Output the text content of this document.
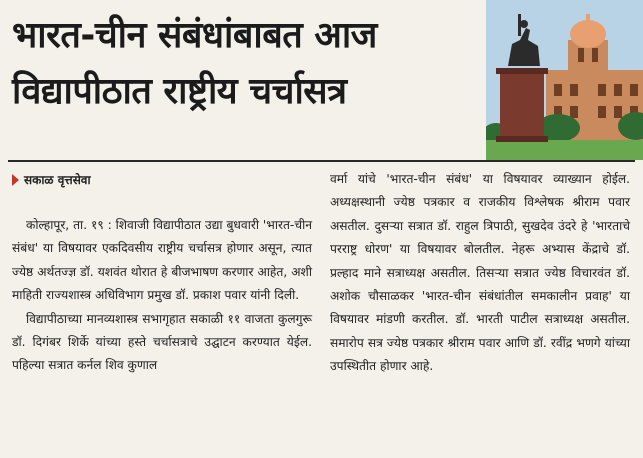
भारत-चीन संबंधांबाबत आज
विद्यापीठात राष्ट्रीय चर्चासत्र
सकाळ वृत्तसेवा

कोल्हापूर, ता. १९ : शिवाजी विद्यापीठात उद्या बुधवारी 'भारत-चीन संबंध' या विषयावर एकदिवसीय राष्ट्रीय चर्चासत्र होणार असून, त्यात ज्येष्ठ अर्थतज्ज्ञ डॉ. यशवंत थोरात हे बीजभाषण करणार आहेत, अशी माहिती राज्यशास्त्र अधिविभाग प्रमुख डॉ. प्रकाश पवार यांनी दिली.

विद्यापीठाच्या मानव्यशास्त्र सभागृहात सकाळी ११ वाजता कुलगुरू डॉ. दिगंबर शिर्के यांच्या हस्ते चर्चासत्राचे उद्घाटन करण्यात येईल. पहिल्या सत्रात कर्नल शिव कुणाल

वर्मा यांचे 'भारत-चीन संबंध' या विषयावर व्याख्यान होईल. अध्यक्षस्थानी ज्येष्ठ पत्रकार व राजकीय विश्लेषक श्रीराम पवार असतील. दुसऱ्या सत्रात डॉ. राहुल त्रिपाठी, सुखदेव उंदरे हे 'भारताचे परराष्ट्र धोरण' या विषयावर बोलतील. नेहरू अभ्यास केंद्राचे डॉ. प्रल्हाद माने सत्राध्यक्ष असतील. तिसऱ्या सत्रात ज्येष्ठ विचारवंत डॉ. अशोक चौसाळकर 'भारत-चीन संबंधांतील समकालीन प्रवाह' या विषयावर मांडणी करतील. डॉ. भारती पाटील सत्राध्यक्ष असतील. समारोप सत्र ज्येष्ठ पत्रकार श्रीराम पवार आणि डॉ. रवींद्र भणगे यांच्या उपस्थितीत होणार आहे.
